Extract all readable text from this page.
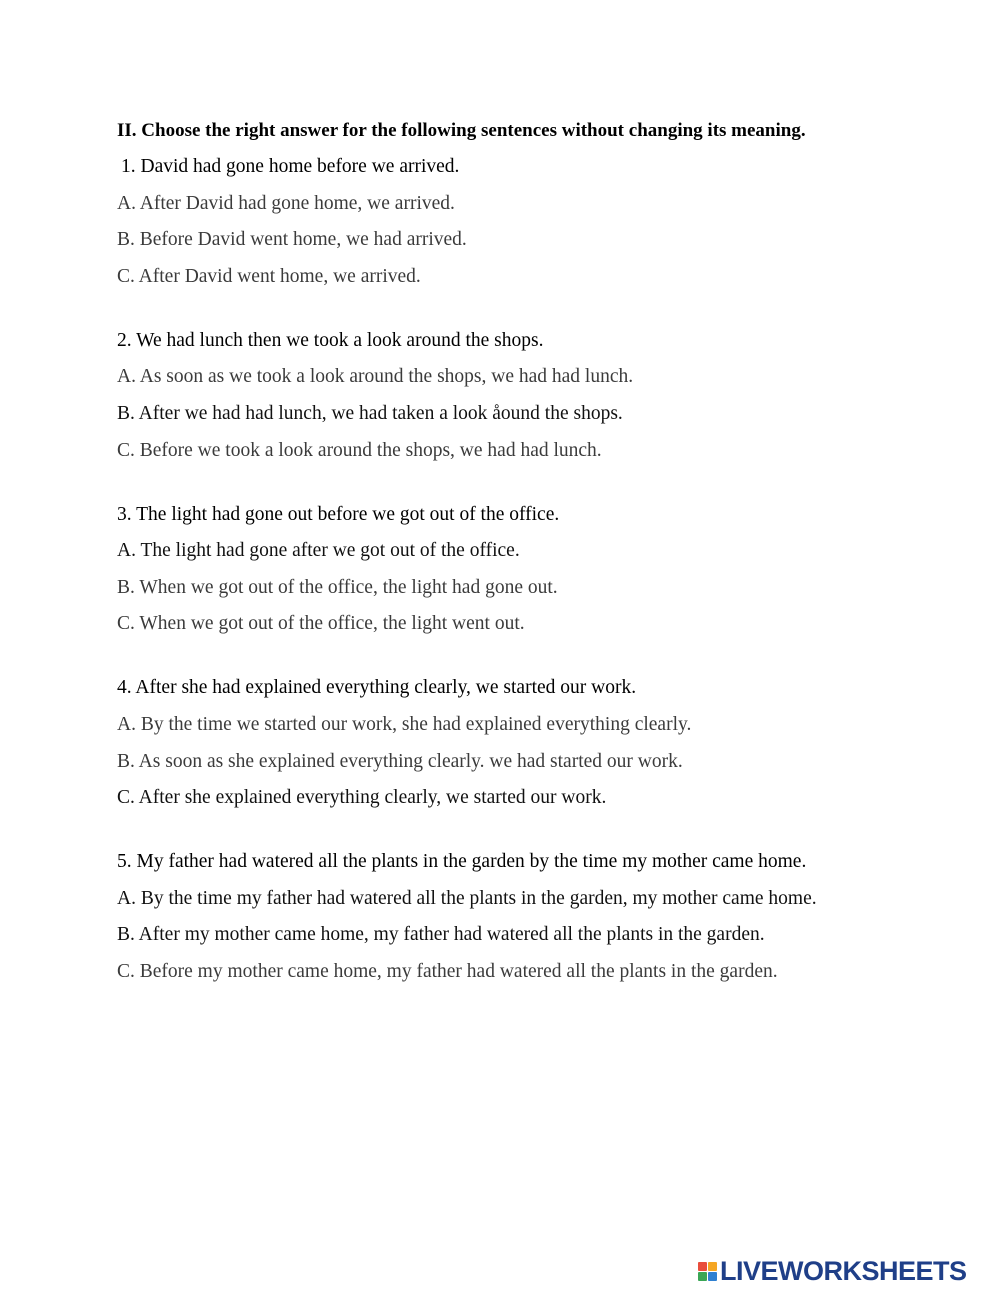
II. Choose the right answer for the following sentences without changing its meaning.
1. David had gone home before we arrived.
A. After David had gone home, we arrived.
B. Before David went home, we had arrived.
C. After David went home, we arrived.
2. We had lunch then we took a look around the shops.
A. As soon as we took a look around the shops, we had had lunch.
B. After we had had lunch, we had taken a look åound the shops.
C. Before we took a look around the shops, we had had lunch.
3. The light had gone out before we got out of the office.
A. The light had gone after we got out of the office.
B. When we got out of the office, the light had gone out.
C. When we got out of the office, the light went out.
4. After she had explained everything clearly, we started our work.
A. By the time we started our work, she had explained everything clearly.
B. As soon as she explained everything clearly. we had started our work.
C. After she explained everything clearly, we started our work.
5. My father had watered all the plants in the garden by the time my mother came home.
A. By the time my father had watered all the plants in the garden, my mother came home.
B. After my mother came home, my father had watered all the plants in the garden.
C. Before my mother came home, my father had watered all the plants in the garden.
LIVEWORKSHEETS
